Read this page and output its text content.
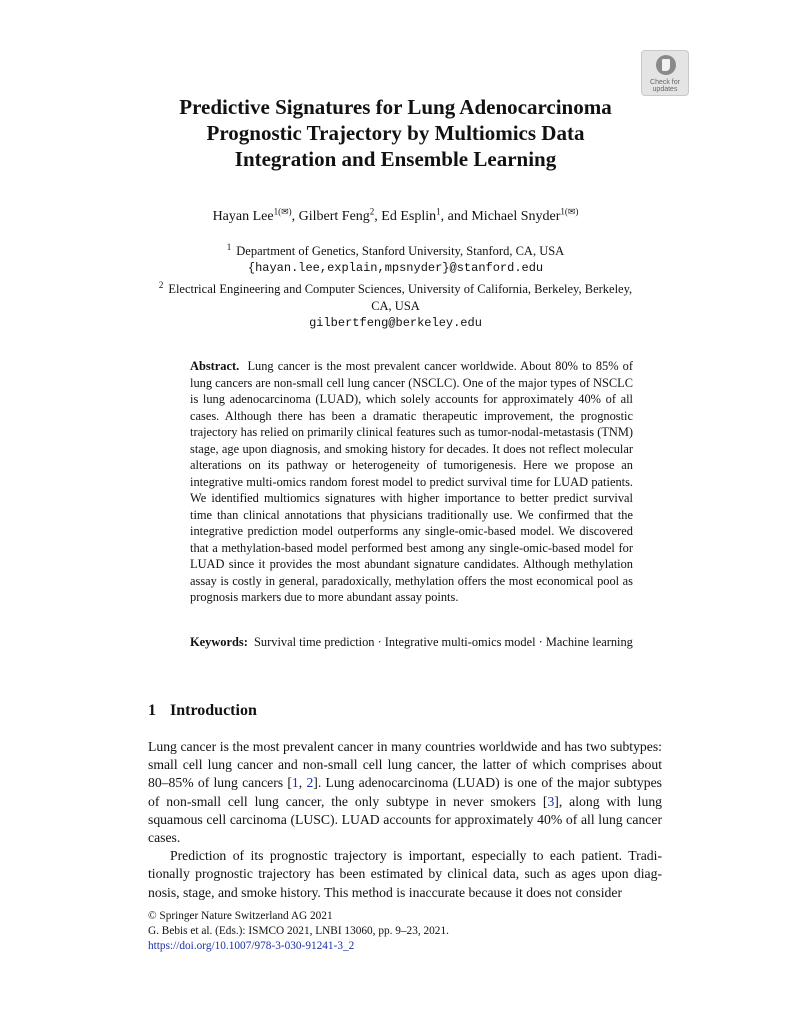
Check for
updates
Predictive Signatures for Lung Adenocarcinoma
Prognostic Trajectory by Multiomics Data
Integration and Ensemble Learning
Hayan Lee$^{1(✉)}$, Gilbert Feng$^2$, Ed Esplin$^1$, and Michael Snyder$^{1(✉)}$
$^1$ Department of Genetics, Stanford University, Stanford, CA, USA
{hayan.lee,explain,mpsnyder}@stanford.edu
$^2$ Electrical Engineering and Computer Sciences, University of California, Berkeley, Berkeley,
CA, USA
gilbertfeng@berkeley.edu
Abstract. Lung cancer is the most prevalent cancer worldwide. About 80% to 85% of lung cancers are non-small cell lung cancer (NSCLC). One of the major types of NSCLC is lung adenocarcinoma (LUAD), which solely accounts for approximately 40% of all cases. Although there has been a dramatic therapeutic improvement, the prognostic trajectory has relied on primarily clinical features such as tumor-nodal-metastasis (TNM) stage, age upon diagnosis, and smoking history for decades. It does not reflect molecular alterations on its pathway or heterogeneity of tumorigenesis. Here we propose an integrative multi-omics random forest model to predict survival time for LUAD patients. We identified multiomics signatures with higher importance to better predict survival time than clinical annotations that physicians traditionally use. We confirmed that the integrative prediction model outperforms any single-omic-based model. We discovered that a methylation-based model performed best among any single-omic-based model for LUAD since it provides the most abundant signature candidates. Although methylation assay is costly in general, paradoxically, methylation offers the most economical pool as prognosis markers due to more abundant assay points.
Keywords: Survival time prediction · Integrative multi-omics model · Machine learning
1 Introduction

Lung cancer is the most prevalent cancer in many countries worldwide and has two subtypes: small cell lung cancer and non-small cell lung cancer, the latter of which comprises about 80–85% of lung cancers [1, 2]. Lung adenocarcinoma (LUAD) is one of the major subtypes of non-small cell lung cancer, the only subtype in never smokers [3], along with lung squamous cell carcinoma (LUSC). LUAD accounts for approximately 40% of all lung cancer cases.

Prediction of its prognostic trajectory is important, especially to each patient. Traditionally prognostic trajectory has been estimated by clinical data, such as ages upon diagnosis, stage, and smoke history. This method is inaccurate because it does not consider

© Springer Nature Switzerland AG 2021
G. Bebis et al. (Eds.): ISMCO 2021, LNBI 13060, pp. 9–23, 2021.
https://doi.org/10.1007/978-3-030-91241-3_2
